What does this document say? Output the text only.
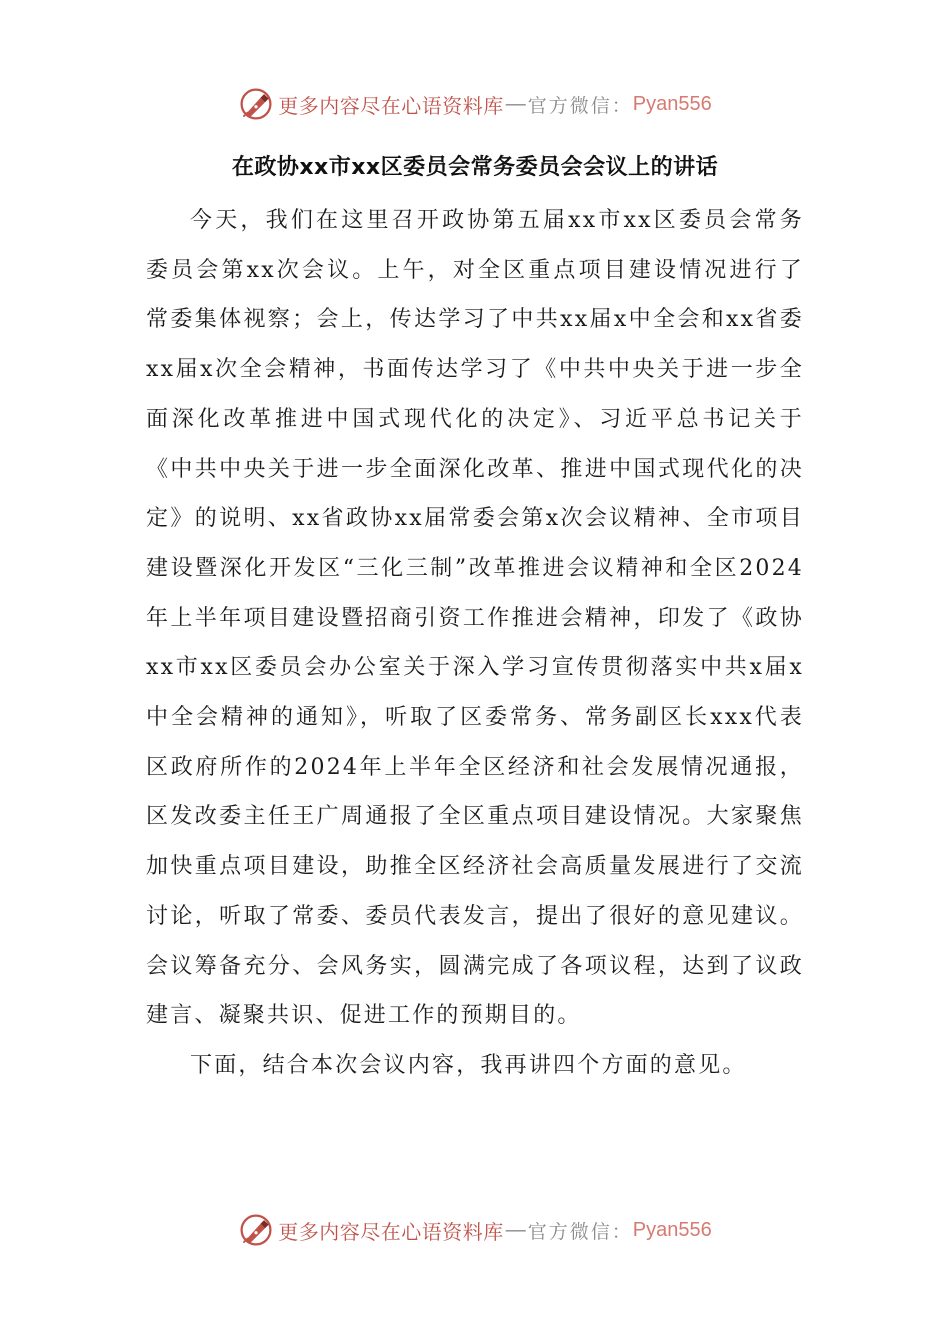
更多内容尽在心语资料库 — 官方微信： Pyan556
在政协xx市xx区委员会常务委员会会议上的讲话

今天，我们在这里召开政协第五届xx市xx区委员会常务委员会第xx次会议。上午，对全区重点项目建设情况进行了常委集体视察；会上，传达学习了中共xx届x中全会和xx省委xx届x次全会精神，书面传达学习了《中共中央关于进一步全面深化改革推进中国式现代化的决定》、习近平总书记关于《中共中央关于进一步全面深化改革、推进中国式现代化的决定》的说明、xx省政协xx届常委会第x次会议精神、全市项目建设暨深化开发区“三化三制”改革推进会议精神和全区2024年上半年项目建设暨招商引资工作推进会精神，印发了《政协xx市xx区委员会办公室关于深入学习宣传贯彻落实中共x届x中全会精神的通知》，听取了区委常务、常务副区长xxx代表区政府所作的2024年上半年全区经济和社会发展情况通报，区发改委主任王广周通报了全区重点项目建设情况。大家聚焦加快重点项目建设，助推全区经济社会高质量发展进行了交流讨论，听取了常委、委员代表发言，提出了很好的意见建议。会议筹备充分、会风务实，圆满完成了各项议程，达到了议政建言、凝聚共识、促进工作的预期目的。

下面，结合本次会议内容，我再讲四个方面的意见。

更多内容尽在心语资料库 — 官方微信： Pyan556
